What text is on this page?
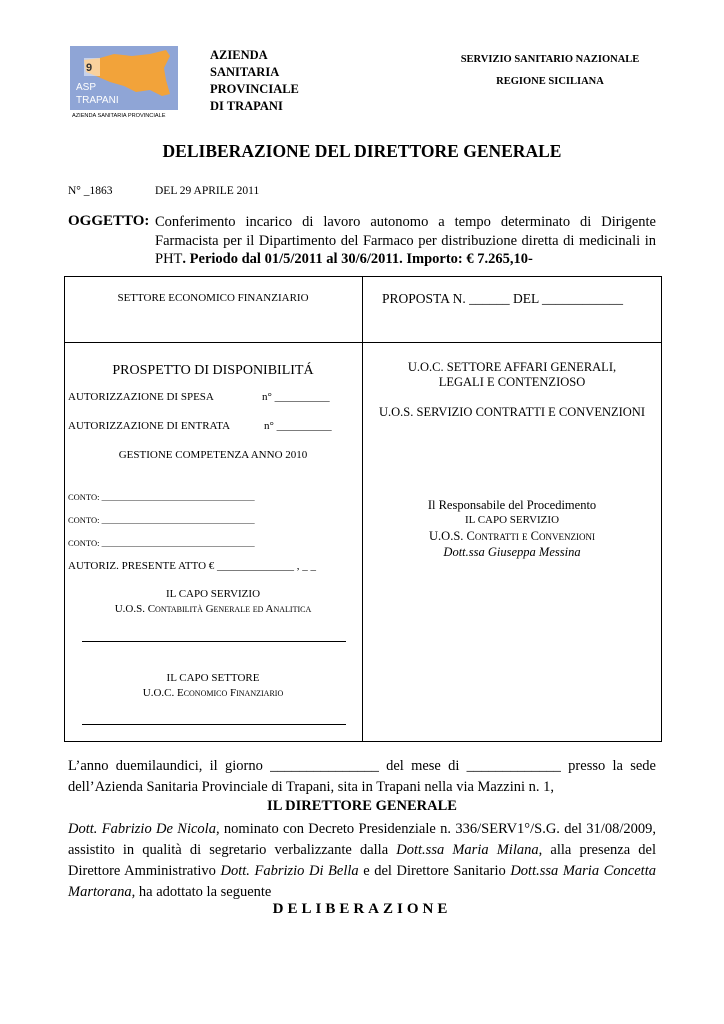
9
ASP
TRAPANI
AZIENDA SANITARIA PROVINCIALE
AZIENDA
SANITARIA
PROVINCIALE
DI TRAPANI
SERVIZIO SANITARIO NAZIONALE
REGIONE SICILIANA
DELIBERAZIONE DEL DIRETTORE GENERALE
N° _1863	DEL 29 APRILE 2011
OGGETTO: Conferimento incarico di lavoro autonomo a tempo determinato di Dirigente Farmacista per il Dipartimento del Farmaco per distribuzione diretta di medicinali in PHT. Periodo dal 01/5/2011 al 30/6/2011. Importo: € 7.265,10-
SETTORE ECONOMICO FINANZIARIO	PROPOSTA N. ______ DEL ____________
PROSPETTO DI DISPONIBILITÁ
AUTORIZZAZIONE DI SPESA	n° __________
AUTORIZZAZIONE DI ENTRATA	n° __________
GESTIONE COMPETENZA ANNO 2010
CONTO: ____________________________________
CONTO: ____________________________________
CONTO: ____________________________________
AUTORIZ. PRESENTE ATTO € ______________ , _ _
IL CAPO SERVIZIO
U.O.S. Contabilità Generale ed Analitica
IL CAPO SETTORE
U.O.C. Economico Finanziario
U.O.C. SETTORE AFFARI GENERALI,
LEGALI E CONTENZIOSO
U.O.S. SERVIZIO CONTRATTI E CONVENZIONI
Il Responsabile del Procedimento
IL CAPO SERVIZIO
U.O.S. Contratti e Convenzioni
Dott.ssa Giuseppa Messina
L’anno duemilaundici, il giorno _______________ del mese di _____________ presso la sede dell’Azienda Sanitaria Provinciale di Trapani, sita in Trapani nella via Mazzini n. 1,
IL DIRETTORE GENERALE
Dott. Fabrizio De Nicola, nominato con Decreto Presidenziale n. 336/SERV1°/S.G. del 31/08/2009, assistito in qualità di segretario verbalizzante dalla Dott.ssa Maria Milana, alla presenza del Direttore Amministrativo Dott. Fabrizio Di Bella e del Direttore Sanitario Dott.ssa Maria Concetta Martorana, ha adottato la seguente
DELIBERAZIONE
